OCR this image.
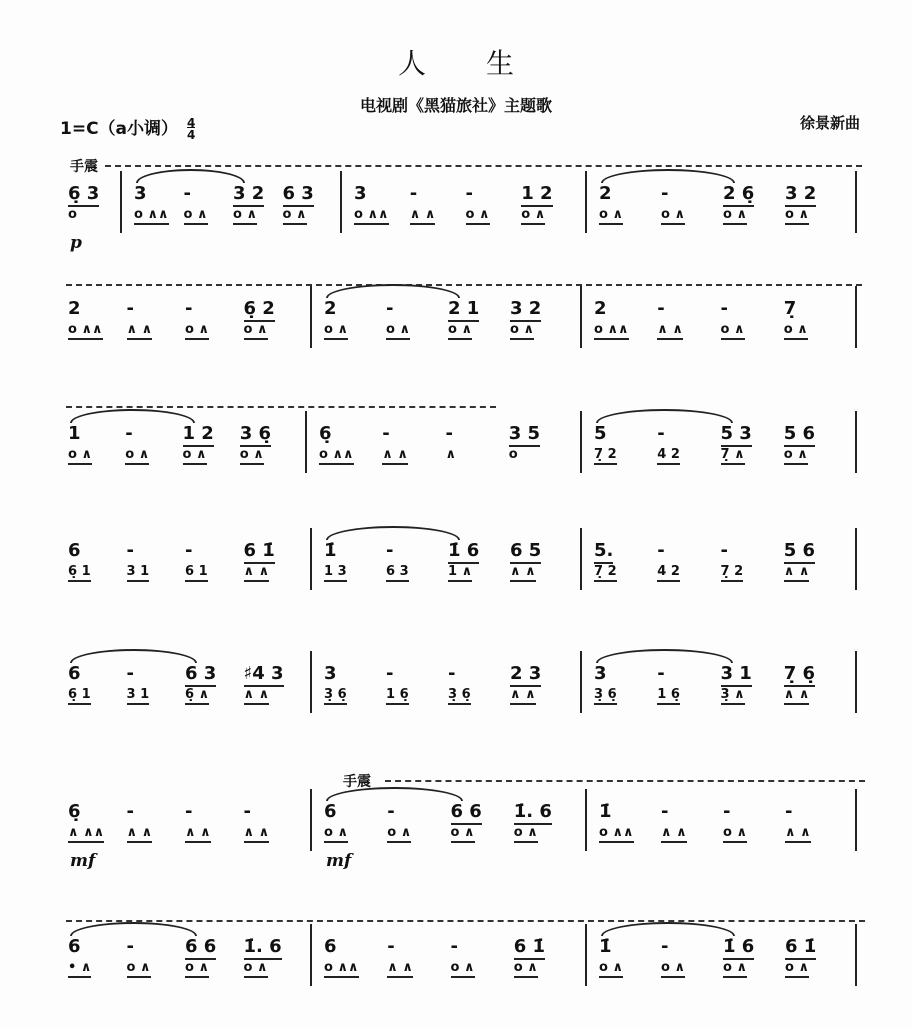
人生
电视剧《黑猫旅社》主题歌
1=C（a小调） $\frac{4}{4}$	徐景新曲
手震
手震
6̣ 3
o
p
3	-	3 2	6 3
o ∧∧	o ∧	o ∧	o ∧
3	-	-	1 2
o ∧∧	∧ ∧	o ∧	o ∧
2	-	2 6̣	3 2
o ∧	o ∧	o ∧	o ∧
2	-	-	6̣ 2
o ∧∧	∧ ∧	o ∧	o ∧
2	-	2 1	3 2
o ∧	o ∧	o ∧	o ∧
2	-	-	7̣
o ∧∧	∧ ∧	o ∧	o ∧
1	-	1 2	3 6̣
o ∧	o ∧	o ∧	o ∧
6̣	-	-	3 5
o ∧∧	∧ ∧	∧	o
5	-	5 3	5 6
7̣ 2	4 2	7̣ ∧	o ∧
6	-	-	6 1̇
6̣ 1	3 1	6 1	∧ ∧
1̇	-	1̇ 6	6 5
1 3	6 3	1 ∧	∧ ∧
5.	-	-	5 6
7̣ 2	4 2	7̣ 2	∧ ∧
6	-	6 3	♯4 3
6̣ 1	3 1	6̣ ∧	∧ ∧
3	-	-	2 3
3̣ 6̣	1 6̣	3̣ 6̣	∧ ∧
3	-	3 1	7̣ 6̣
3̣ 6̣	1 6̣	3̣ ∧	∧ ∧
6̣	-	-	-
∧ ∧∧	∧ ∧	∧ ∧	∧ ∧
mf
6	-	6 6	1̇. 6
o ∧	o ∧	o ∧	o ∧
mf
1̇	-	-	-
o ∧∧	∧ ∧	o ∧	∧ ∧
6	-	6 6	1̇. 6
• ∧	o ∧	o ∧	o ∧
6	-	-	6 1̇
o ∧∧	∧ ∧	o ∧	o ∧
1̇	-	1̇ 6	6 1̇
o ∧	o ∧	o ∧	o ∧
